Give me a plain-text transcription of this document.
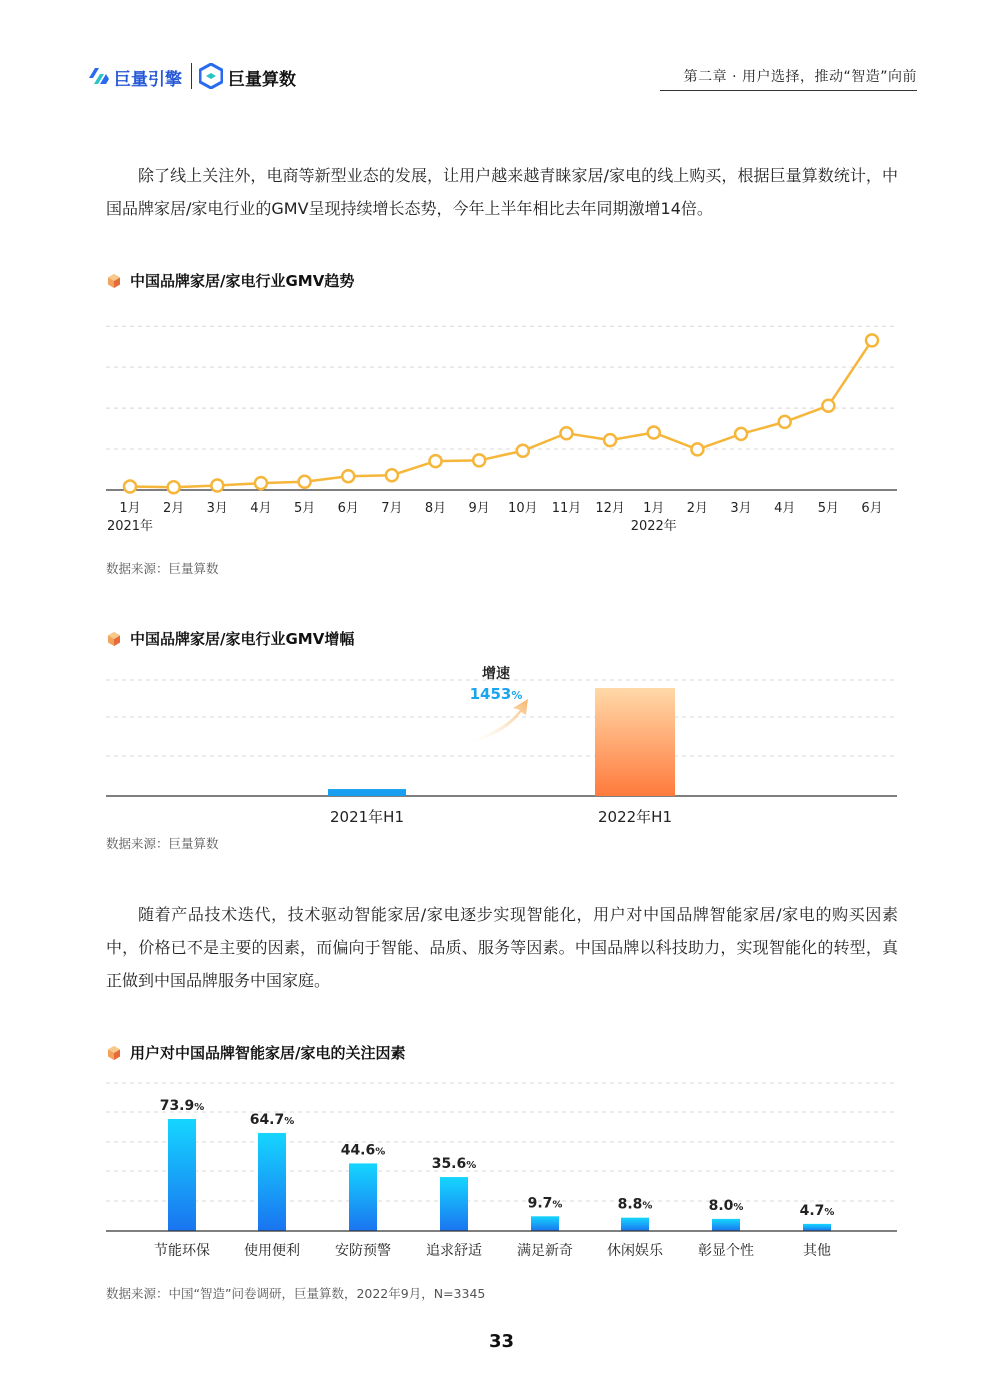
巨量引擎	巨量算数	第二章 · 用户选择，推动“智造”向前
除了线上关注外，电商等新型业态的发展，让用户越来越青睐家居/家电的线上购买，根据巨量算数统计，中国品牌家居/家电行业的GMV呈现持续增长态势，今年上半年相比去年同期激增14倍。
中国品牌家居/家电行业GMV趋势
1月 2月 3月 4月 5月 6月 7月 8月 9月 10月 11月 12月 1月 2月 3月 4月 5月 6月
2021年	2022年
数据来源：巨量算数
中国品牌家居/家电行业GMV增幅
2021年H1	2022年H1
增速
1453%
数据来源：巨量算数
随着产品技术迭代，技术驱动智能家居/家电逐步实现智能化，用户对中国品牌智能家居/家电的购买因素中，价格已不是主要的因素，而偏向于智能、品质、服务等因素。中国品牌以科技助力，实现智能化的转型，真正做到中国品牌服务中国家庭。
用户对中国品牌智能家居/家电的关注因素
73.9%
节能环保
64.7%
使用便利
44.6%
安防预警
35.6%
追求舒适
9.7%
满足新奇
8.8%
休闲娱乐
8.0%
彰显个性
4.7%
其他
数据来源：中国“智造”问卷调研，巨量算数，2022年9月，N=3345
33
